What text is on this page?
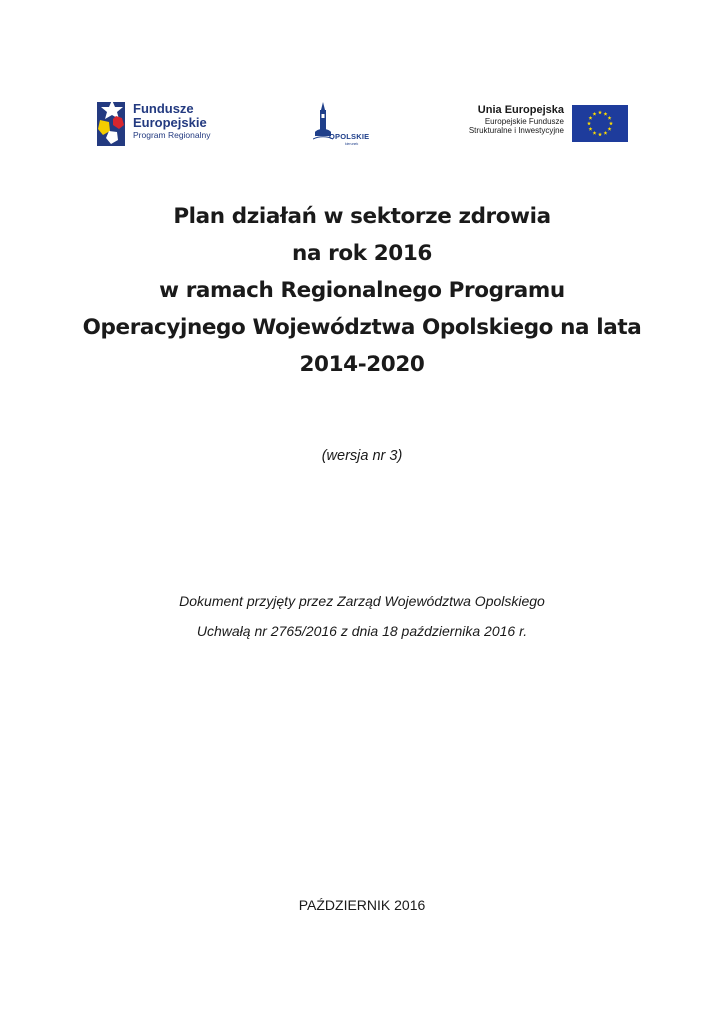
Fundusze
Europejskie
Program Regionalny	OPOLSKIE
kierunek
Unia Europejska
Europejskie Fundusze
Strukturalne i Inwestycyjne
Plan działań w sektorze zdrowia
na rok 2016
w ramach Regionalnego Programu
Operacyjnego Województwa Opolskiego na lata
2014-2020
(wersja nr 3)
Dokument przyjęty przez Zarząd Województwa Opolskiego
Uchwałą nr 2765/2016 z dnia 18 października 2016 r.
PAŹDZIERNIK 2016
